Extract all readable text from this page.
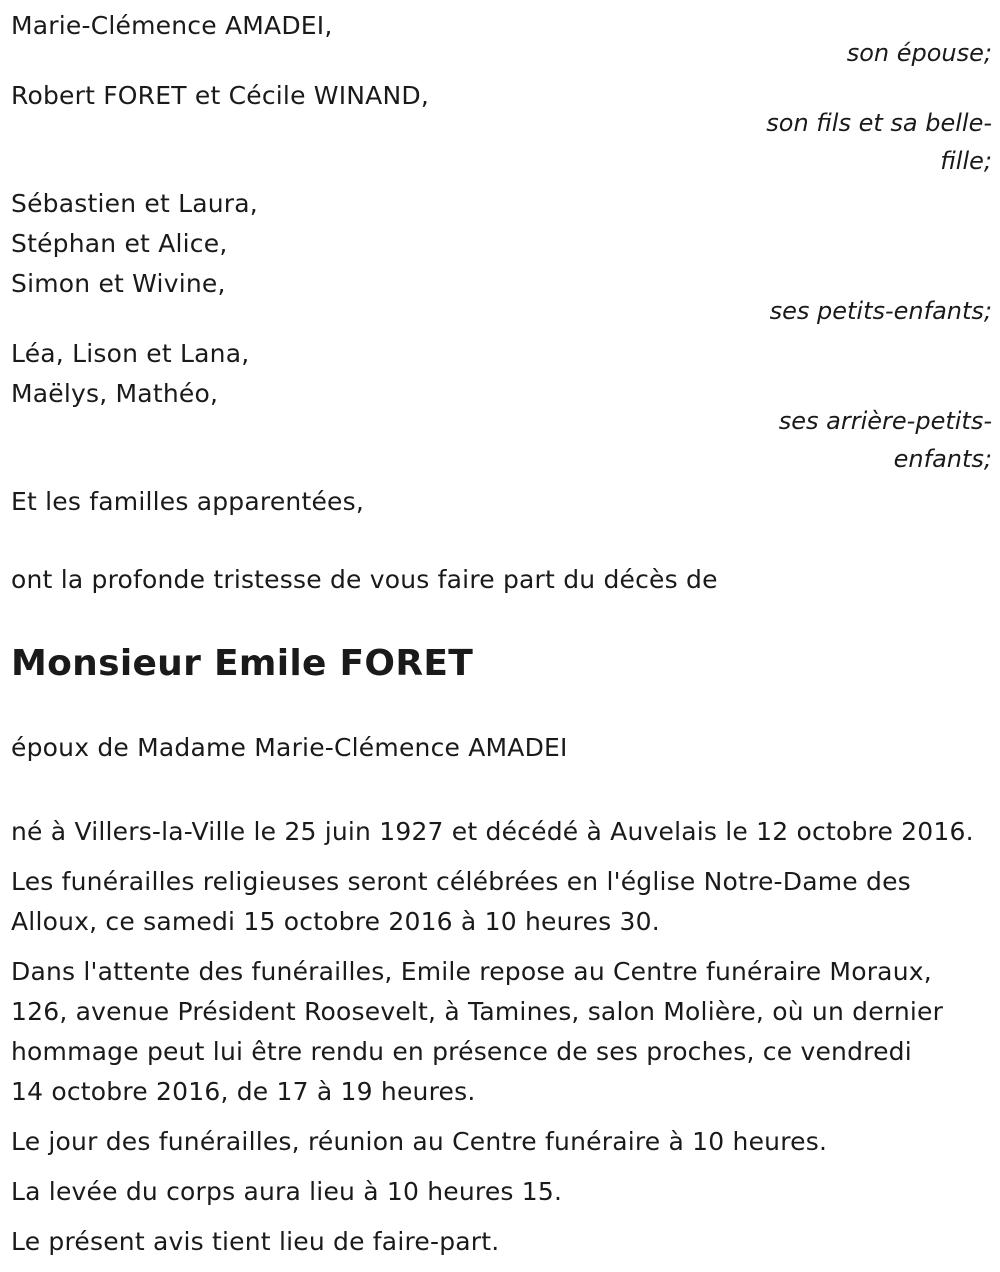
Marie-Clémence AMADEI,
son épouse;
Robert FORET et Cécile WINAND,
son fils et sa belle-
fille;
Sébastien et Laura,
Stéphan et Alice,
Simon et Wivine,
ses petits-enfants;
Léa, Lison et Lana,
Maëlys, Mathéo,
ses arrière-petits-
enfants;
Et les familles apparentées,
ont la profonde tristesse de vous faire part du décès de
Monsieur Emile FORET
époux de Madame Marie-Clémence AMADEI
né à Villers-la-Ville le 25 juin 1927 et décédé à Auvelais le 12 octobre 2016.
Les funérailles religieuses seront célébrées en l'église Notre-Dame des
Alloux, ce samedi 15 octobre 2016 à 10 heures 30.
Dans l'attente des funérailles, Emile repose au Centre funéraire Moraux,
126, avenue Président Roosevelt, à Tamines, salon Molière, où un dernier
hommage peut lui être rendu en présence de ses proches, ce vendredi
14 octobre 2016, de 17 à 19 heures.
Le jour des funérailles, réunion au Centre funéraire à 10 heures.
La levée du corps aura lieu à 10 heures 15.
Le présent avis tient lieu de faire-part.
